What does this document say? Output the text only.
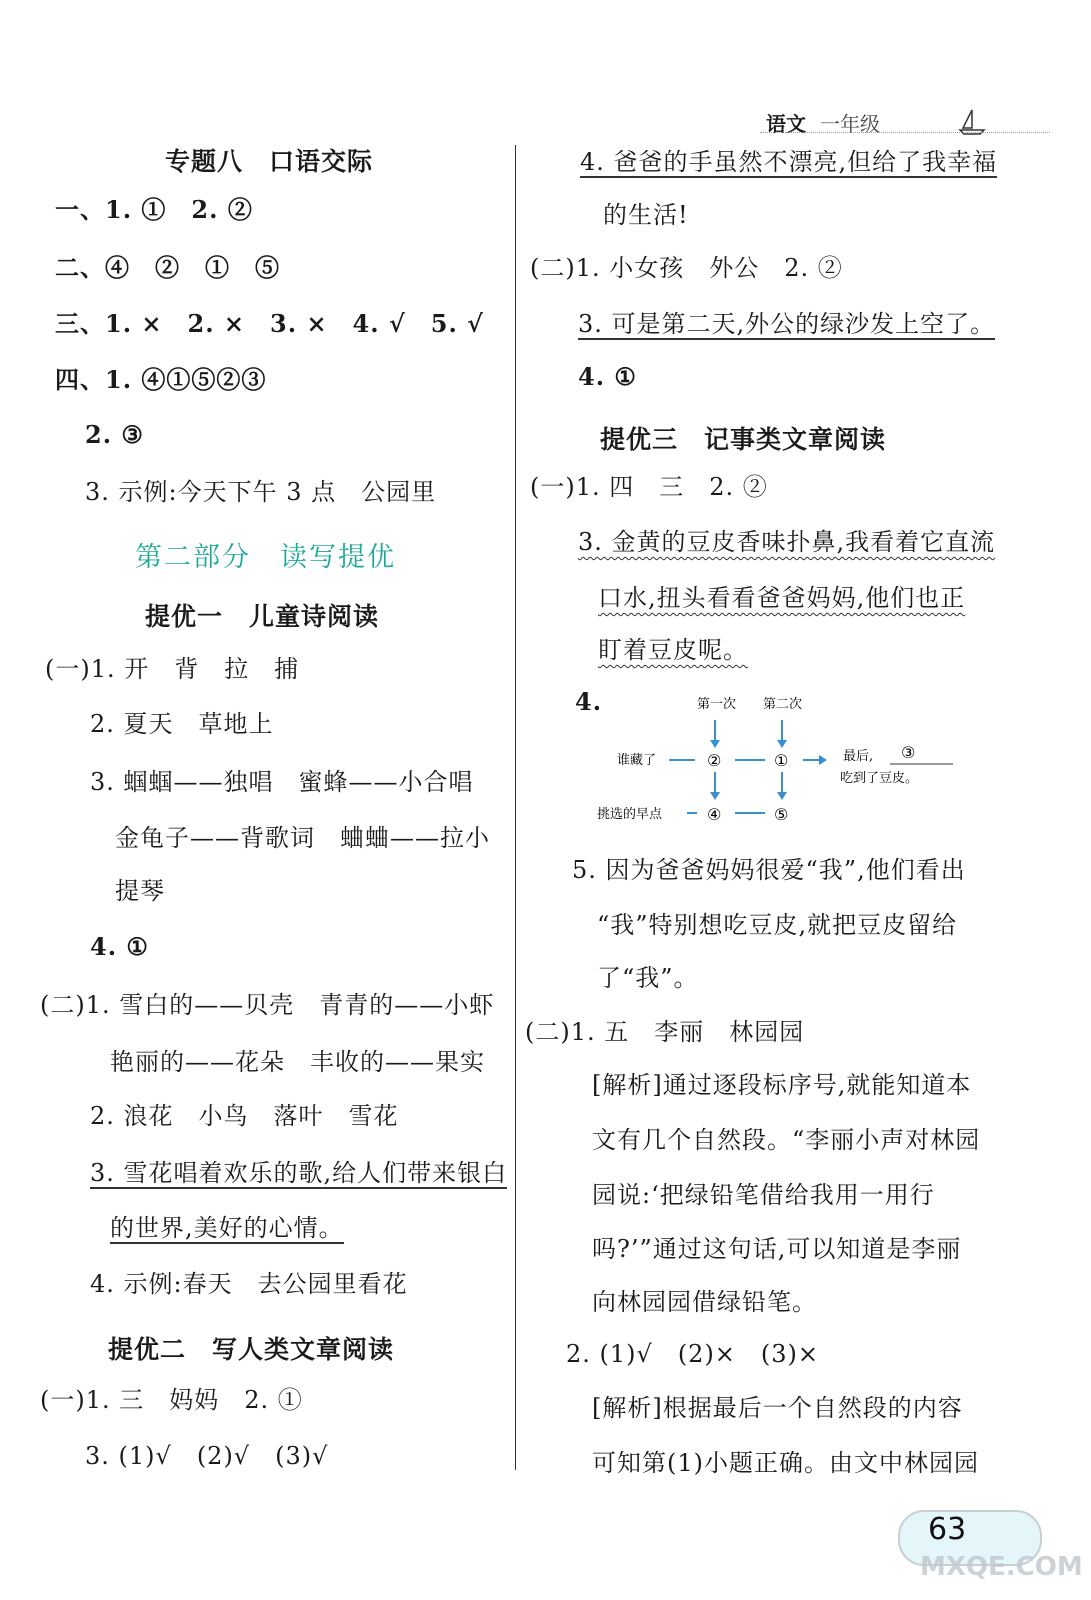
语文 一年级
专题八 口语交际
一、1. ①　2. ②
二、④　②　①　⑤
三、1. ×　2. ×　3. ×　4. √　5. √
四、1. ④①⑤②③
2. ③
3. 示例:今天下午 3 点　公园里
第二部分　读写提优
提优一 儿童诗阅读
(一)1. 开　背　拉　捕
2. 夏天　草地上
3. 蝈蝈——独唱　蜜蜂——小合唱
金龟子——背歌词　蛐蛐——拉小
提琴
4. ①
(二)1. 雪白的——贝壳　青青的——小虾
艳丽的——花朵　丰收的——果实
2. 浪花　小鸟　落叶　雪花
3. 雪花唱着欢乐的歌,给人们带来银白
的世界,美好的心情。
4. 示例:春天　去公园里看花
提优二 写人类文章阅读
(一)1. 三　妈妈　2. ①
3. (1)√　(2)√　(3)√
4. 爸爸的手虽然不漂亮,但给了我幸福
的生活!
(二)1. 小女孩　外公　2. ②
3. 可是第二天,外公的绿沙发上空了。
4. ①
提优三 记事类文章阅读
(一)1. 四　三　2. ②
3. 金黄的豆皮香味扑鼻,我看着它直流
口水,扭头看看爸爸妈妈,他们也正
盯着豆皮呢。
4.	第一次 第二次
谁藏了	②	①	最后, ③
吃到了豆皮。
挑选的早点	④	⑤
5. 因为爸爸妈妈很爱“我”,他们看出
“我”特别想吃豆皮,就把豆皮留给
了“我”。
(二)1. 五　李丽　林园园
[解析]通过逐段标序号,就能知道本
文有几个自然段。“李丽小声对林园
园说:‘把绿铅笔借给我用一用行
吗?’”通过这句话,可以知道是李丽
向林园园借绿铅笔。
2. (1)√　(2)×　(3)×
[解析]根据最后一个自然段的内容
可知第(1)小题正确。由文中林园园
63
MXQE.COM
